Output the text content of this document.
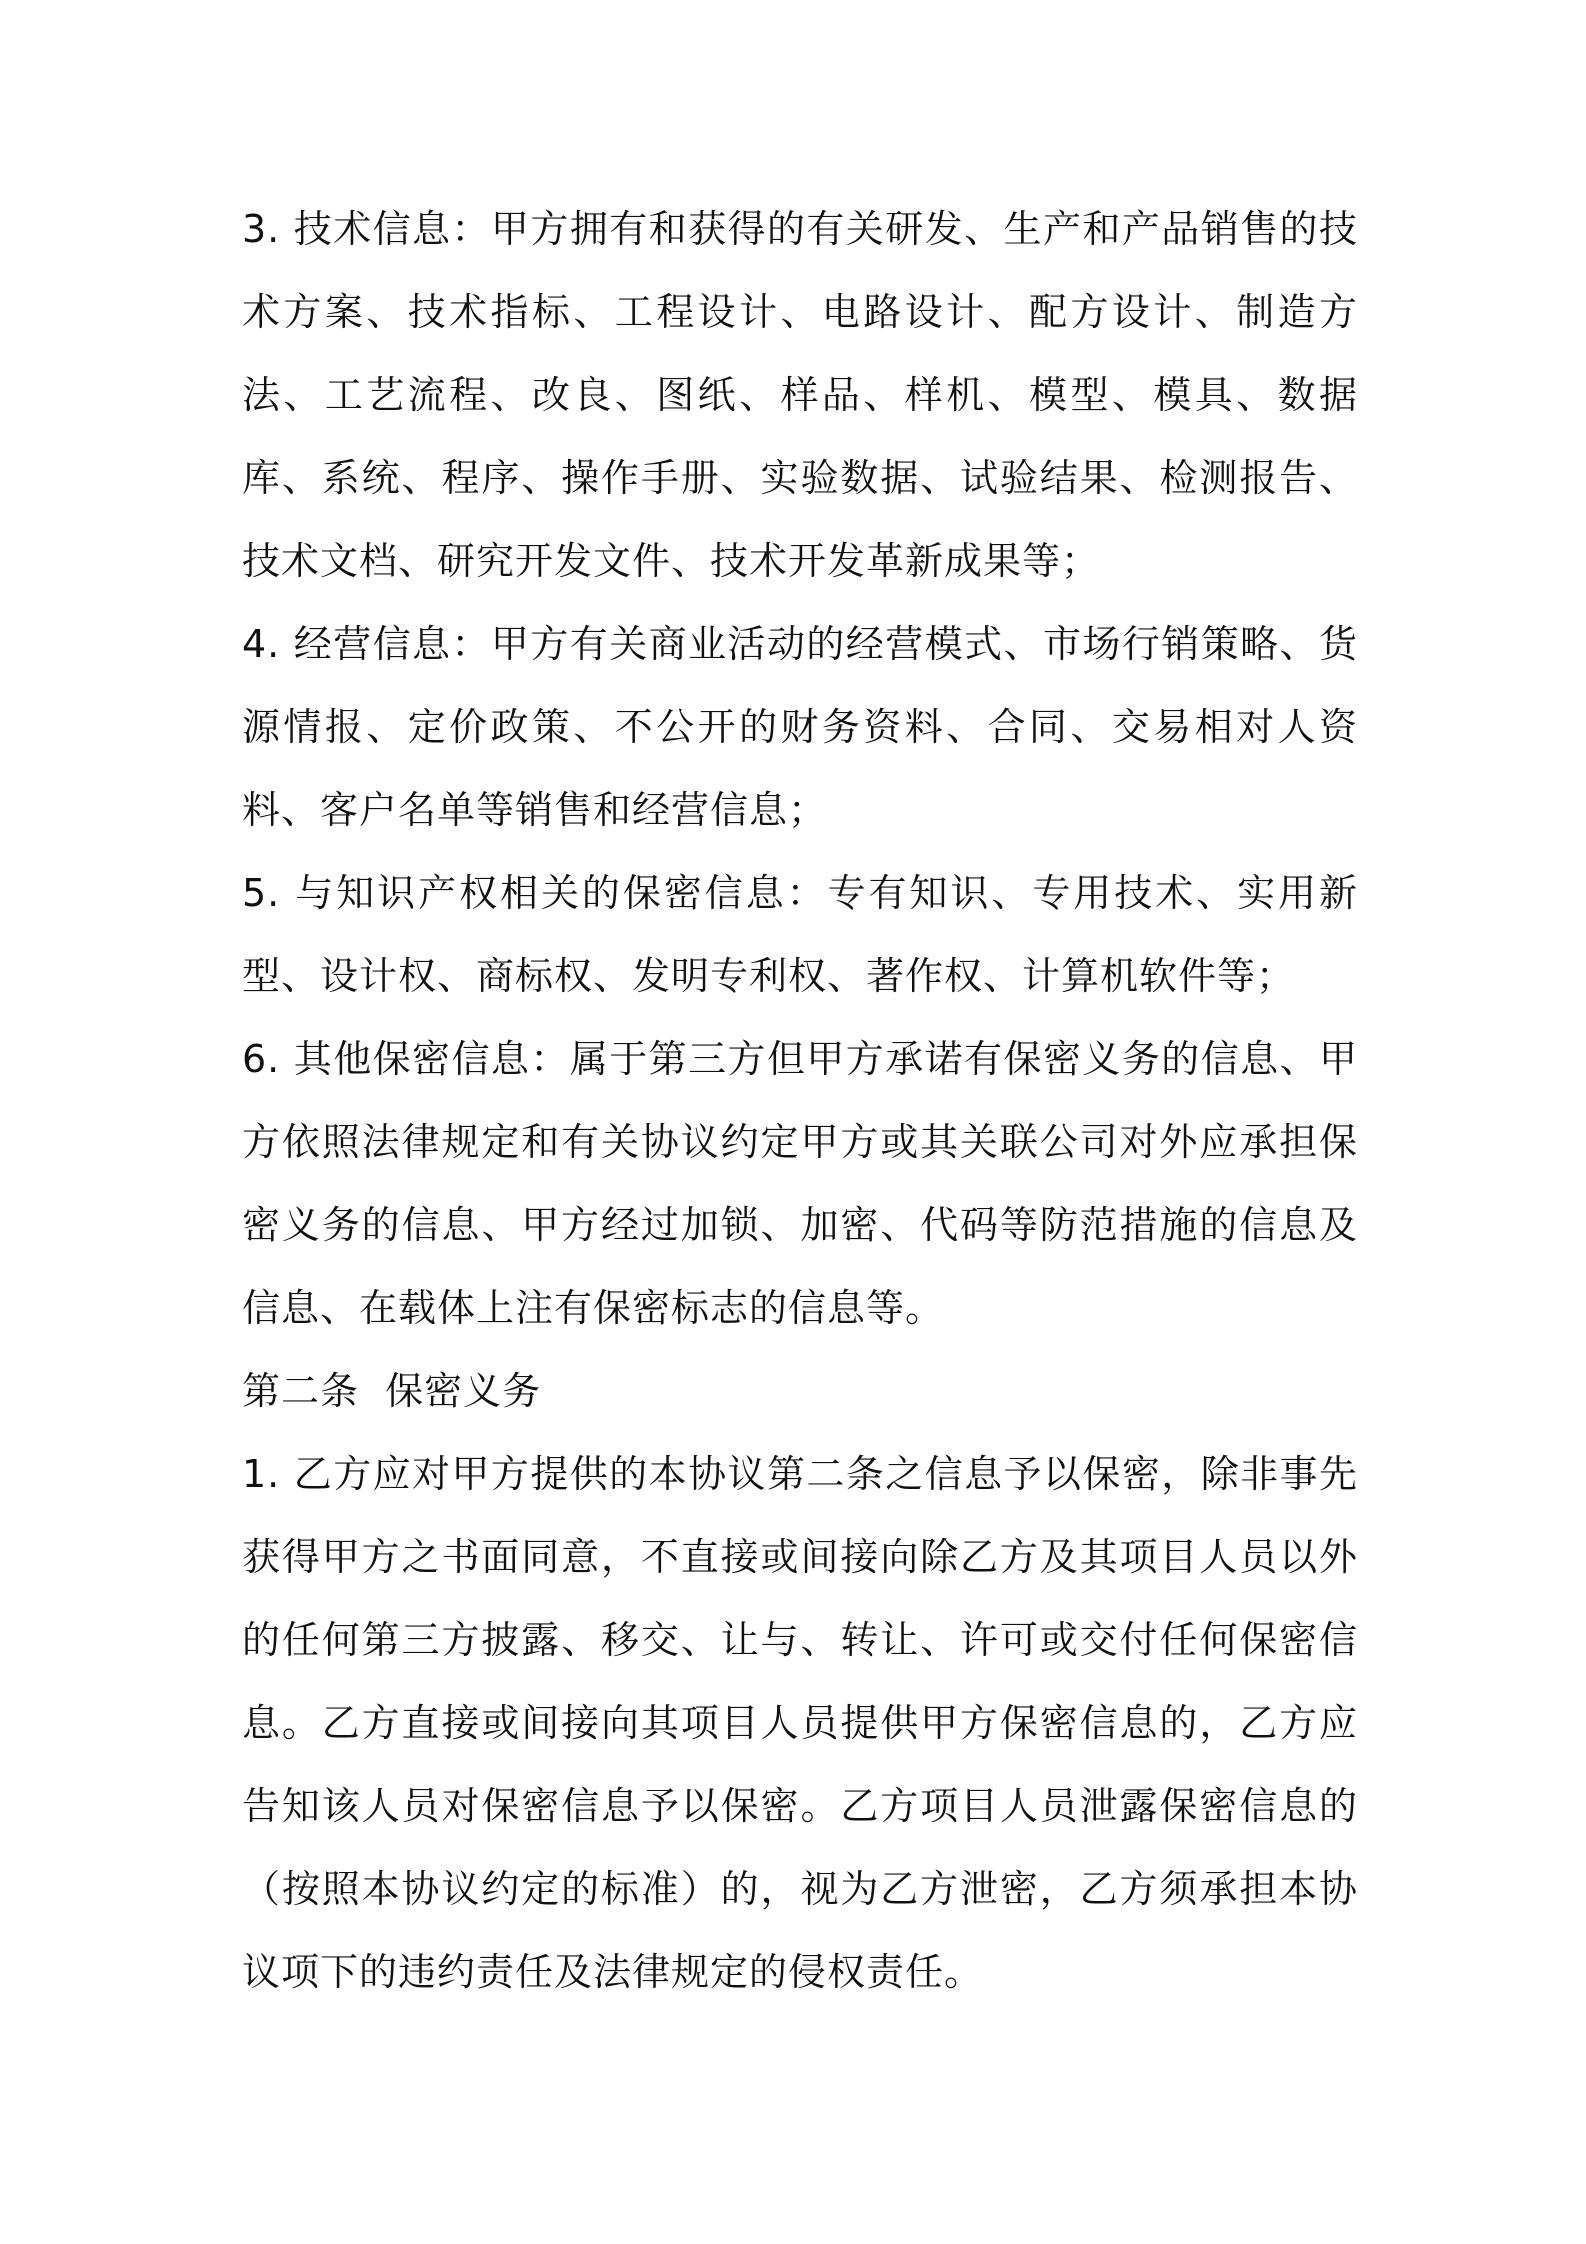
3. 技术信息：甲方拥有和获得的有关研发、生产和产品销售的技术方案、技术指标、工程设计、电路设计、配方设计、制造方法、工艺流程、改良、图纸、样品、样机、模型、模具、数据库、系统、程序、操作手册、实验数据、试验结果、检测报告、技术文档、研究开发文件、技术开发革新成果等；

4. 经营信息：甲方有关商业活动的经营模式、市场行销策略、货源情报、定价政策、不公开的财务资料、合同、交易相对人资料、客户名单等销售和经营信息；

5. 与知识产权相关的保密信息：专有知识、专用技术、实用新型、设计权、商标权、发明专利权、著作权、计算机软件等；

6. 其他保密信息：属于第三方但甲方承诺有保密义务的信息、甲方依照法律规定和有关协议约定甲方或其关联公司对外应承担保密义务的信息、甲方经过加锁、加密、代码等防范措施的信息及信息、在载体上注有保密标志的信息等。

第二条  保密义务

1. 乙方应对甲方提供的本协议第二条之信息予以保密，除非事先获得甲方之书面同意，不直接或间接向除乙方及其项目人员以外的任何第三方披露、移交、让与、转让、许可或交付任何保密信息。乙方直接或间接向其项目人员提供甲方保密信息的，乙方应告知该人员对保密信息予以保密。乙方项目人员泄露保密信息的（按照本协议约定的标准）的，视为乙方泄密，乙方须承担本协议项下的违约责任及法律规定的侵权责任。
